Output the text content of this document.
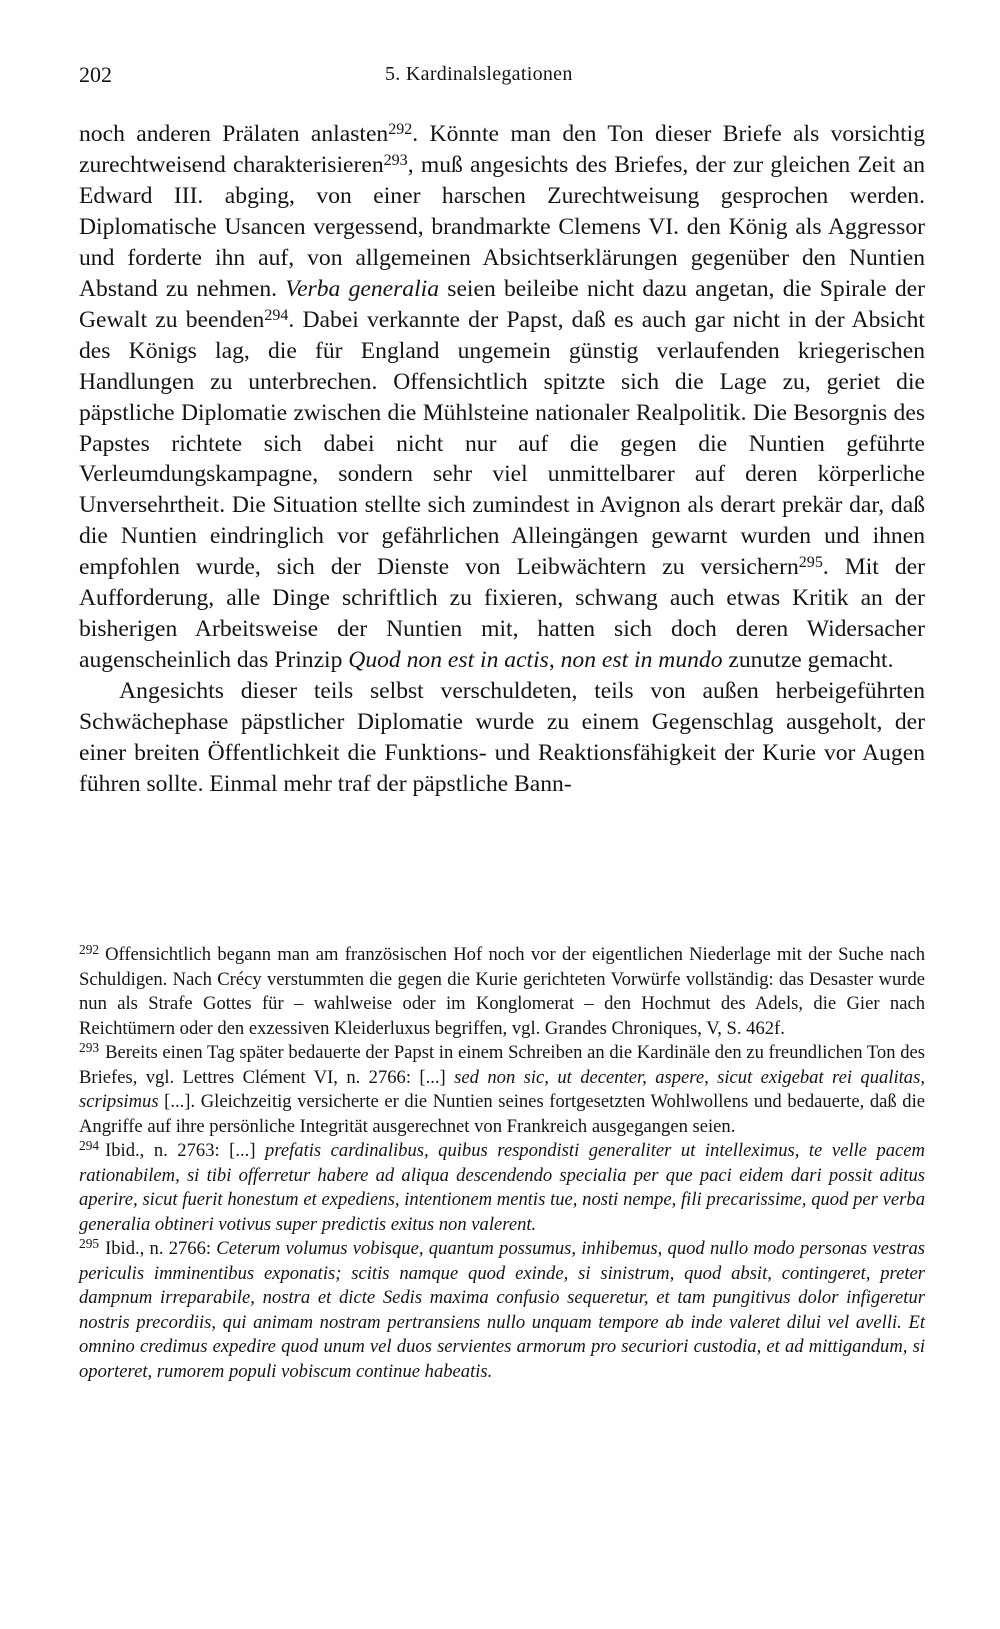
202	5. Kardinalslegationen

noch anderen Prälaten anlasten$^{292}$. Könnte man den Ton dieser Briefe als vorsichtig zurechtweisend charakterisieren$^{293}$, muß angesichts des Briefes, der zur gleichen Zeit an Edward III. abging, von einer harschen Zurechtweisung gesprochen werden. Diplomatische Usancen vergessend, brandmarkte Clemens VI. den König als Aggressor und forderte ihn auf, von allgemeinen Absichtserklärungen gegenüber den Nuntien Abstand zu nehmen. Verba generalia seien beileibe nicht dazu angetan, die Spirale der Gewalt zu beenden$^{294}$. Dabei verkannte der Papst, daß es auch gar nicht in der Absicht des Königs lag, die für England ungemein günstig verlaufenden kriegerischen Handlungen zu unterbrechen. Offensichtlich spitzte sich die Lage zu, geriet die päpstliche Diplomatie zwischen die Mühlsteine nationaler Realpolitik. Die Besorgnis des Papstes richtete sich dabei nicht nur auf die gegen die Nuntien geführte Verleumdungskampagne, sondern sehr viel unmittelbarer auf deren körperliche Unversehrtheit. Die Situation stellte sich zumindest in Avignon als derart prekär dar, daß die Nuntien eindringlich vor gefährlichen Alleingängen gewarnt wurden und ihnen empfohlen wurde, sich der Dienste von Leibwächtern zu versichern$^{295}$. Mit der Aufforderung, alle Dinge schriftlich zu fixieren, schwang auch etwas Kritik an der bisherigen Arbeitsweise der Nuntien mit, hatten sich doch deren Widersacher augenscheinlich das Prinzip Quod non est in actis, non est in mundo zunutze gemacht.

Angesichts dieser teils selbst verschuldeten, teils von außen herbeigeführten Schwächephase päpstlicher Diplomatie wurde zu einem Gegenschlag ausgeholt, der einer breiten Öffentlichkeit die Funktions- und Reaktionsfähigkeit der Kurie vor Augen führen sollte. Einmal mehr traf der päpstliche Bann-

$^{292}$ Offensichtlich begann man am französischen Hof noch vor der eigentlichen Niederlage mit der Suche nach Schuldigen. Nach Crécy verstummten die gegen die Kurie gerichteten Vorwürfe vollständig: das Desaster wurde nun als Strafe Gottes für – wahlweise oder im Konglomerat – den Hochmut des Adels, die Gier nach Reichtümern oder den exzessiven Kleiderluxus begriffen, vgl. Grandes Chroniques, V, S. 462f.

$^{293}$ Bereits einen Tag später bedauerte der Papst in einem Schreiben an die Kardinäle den zu freundlichen Ton des Briefes, vgl. Lettres Clément VI, n. 2766: [...] sed non sic, ut decenter, aspere, sicut exigebat rei qualitas, scripsimus [...]. Gleichzeitig versicherte er die Nuntien seines fortgesetzten Wohlwollens und bedauerte, daß die Angriffe auf ihre persönliche Integrität ausgerechnet von Frankreich ausgegangen seien.

$^{294}$ Ibid., n. 2763: [...] prefatis cardinalibus, quibus respondisti generaliter ut intelleximus, te velle pacem rationabilem, si tibi offerretur habere ad aliqua descendendo specialia per que paci eidem dari possit aditus aperire, sicut fuerit honestum et expediens, intentionem mentis tue, nosti nempe, fili precarissime, quod per verba generalia obtineri votivus super predictis exitus non valerent.

$^{295}$ Ibid., n. 2766: Ceterum volumus vobisque, quantum possumus, inhibemus, quod nullo modo personas vestras periculis imminentibus exponatis; scitis namque quod exinde, si sinistrum, quod absit, contingeret, preter dampnum irreparabile, nostra et dicte Sedis maxima confusio sequeretur, et tam pungitivus dolor infigeretur nostris precordiis, qui animam nostram pertransiens nullo unquam tempore ab inde valeret dilui vel avelli. Et omnino credimus expedire quod unum vel duos servientes armorum pro securiori custodia, et ad mittigandum, si oporteret, rumorem populi vobiscum continue habeatis.
